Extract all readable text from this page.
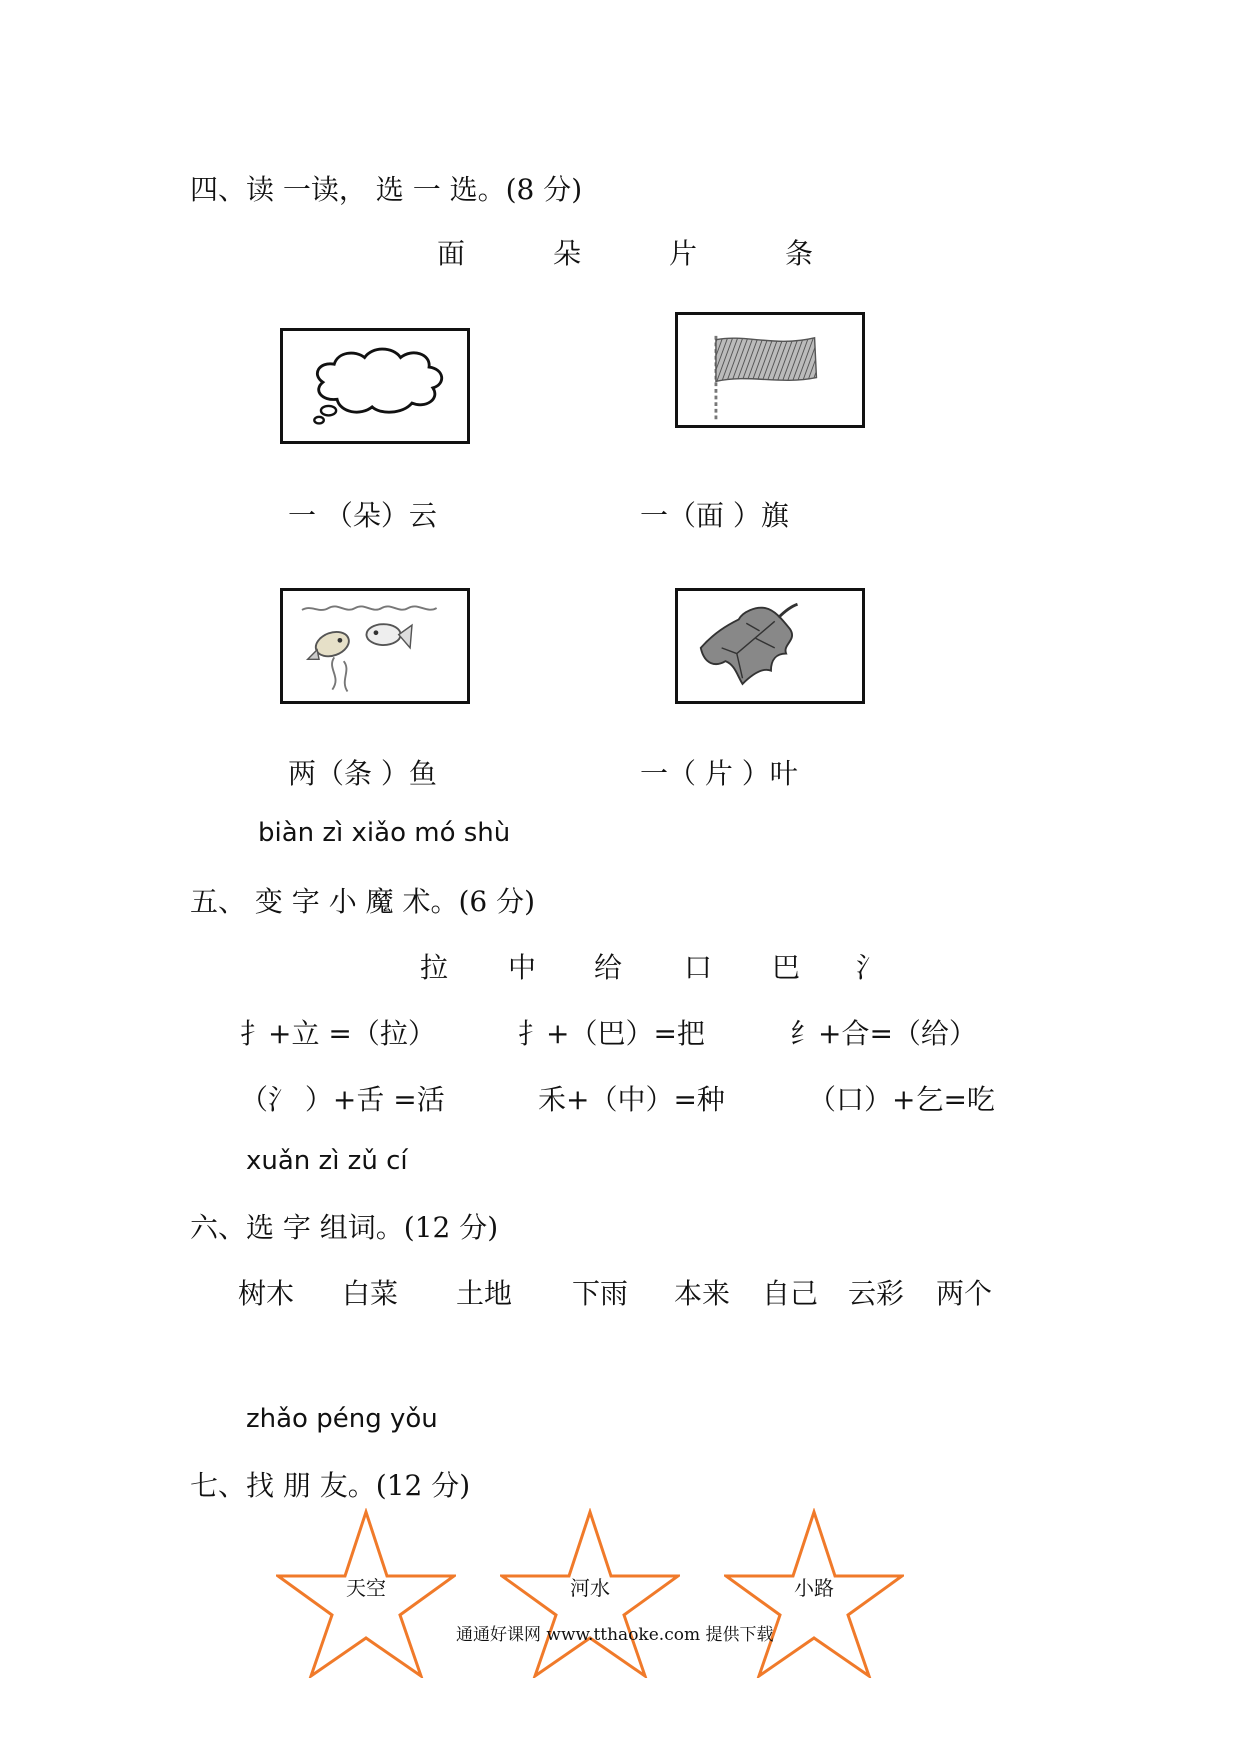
四、读 一读， 选 一 选。(8 分)
面	朵	片	条
一 （朵）云	一（面 ）旗
两（条 ）鱼	一（ 片 ）叶
biàn zì xiǎo mó shù
五、 变 字 小 魔 术。(6 分)
拉 中 给 口 巴 氵
扌+立 =（拉）	扌+（巴）=把	纟+合=（给）
（氵 ）+舌 =活	禾+（中）=种	（口）+乞=吃
xuǎn zì zǔ cí
六、选 字 组词。(12 分)
树木 白菜 土地 下雨 本来 自己 云彩 两个
zhǎo péng yǒu
七、找 朋 友。(12 分)
天空	河水	小路
通通好课网 www.tthaoke.com 提供下载
